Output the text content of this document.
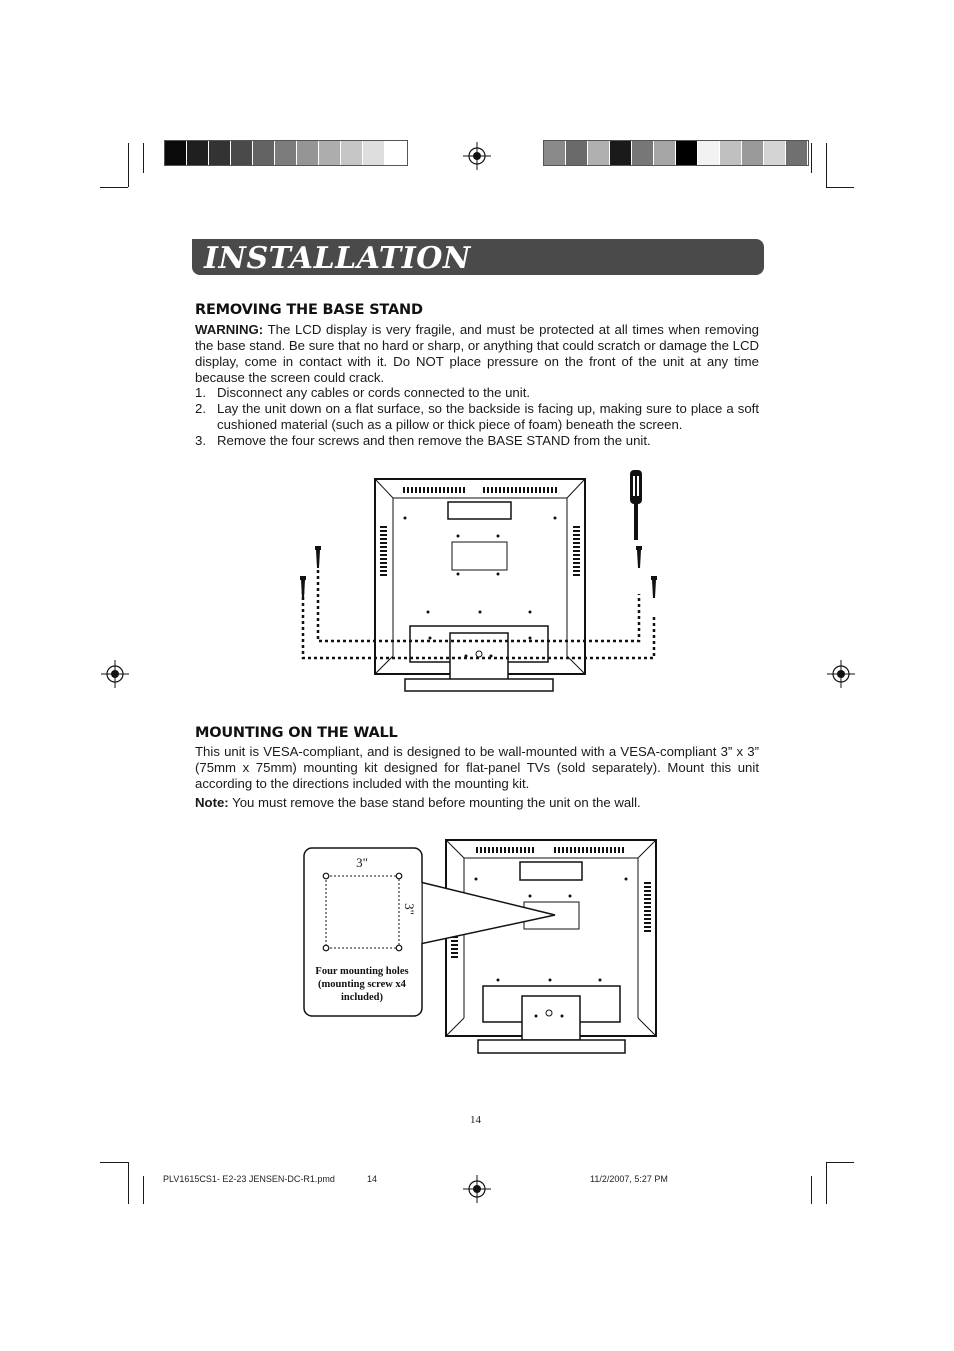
INSTALLATION
REMOVING THE BASE STAND
WARNING: The LCD display is very fragile, and must be protected at all times when removing the base stand. Be sure that no hard or sharp, or anything that could scratch or damage the LCD display, come in contact with it. Do NOT place pressure on the front of the unit at any time because the screen could crack.
1. Disconnect any cables or cords connected to the unit.
2. Lay the unit down on a flat surface, so the backside is facing up, making sure to place a soft cushioned material (such as a pillow or thick piece of foam) beneath the screen.
3. Remove the four screws and then remove the BASE STAND from the unit.
MOUNTING ON THE WALL
This unit is VESA-compliant, and is designed to be wall-mounted with a VESA-compliant 3” x 3” (75mm x 75mm) mounting kit designed for flat-panel TVs (sold separately). Mount this unit according to the directions included with the mounting kit.
Note: You must remove the base stand before mounting the unit on the wall.
3"
3"
Four mounting holes
(mounting screw x4
included)
14
PLV1615CS1- E2-23 JENSEN-DC-R1.pmd	14	11/2/2007, 5:27 PM
